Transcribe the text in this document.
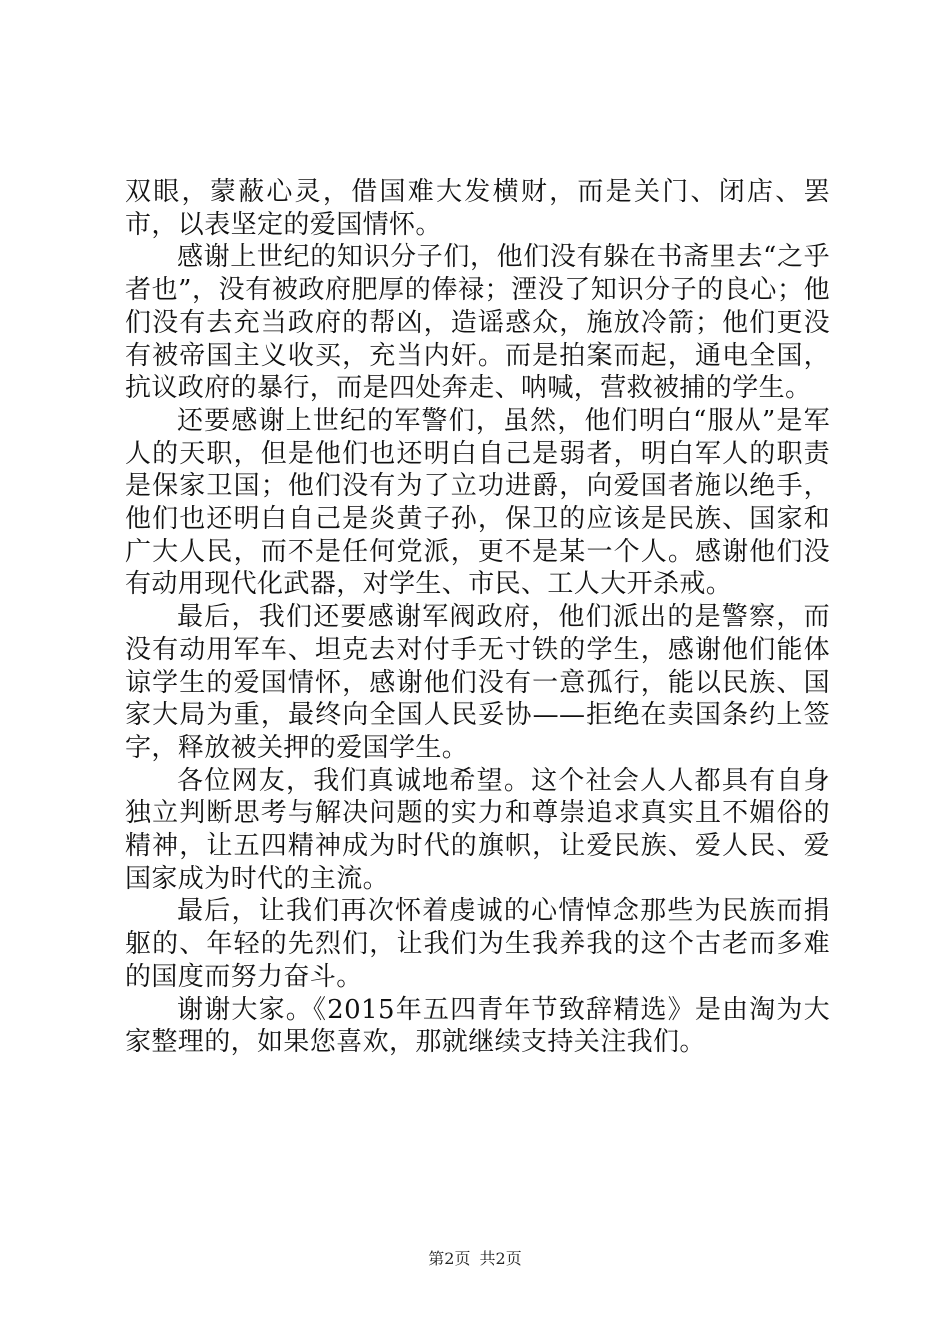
双眼，蒙蔽心灵，借国难大发横财，而是关门、闭店、罢市，以表坚定的爱国情怀。

感谢上世纪的知识分子们，他们没有躲在书斋里去“之乎者也”，没有被政府肥厚的俸禄；湮没了知识分子的良心；他们没有去充当政府的帮凶，造谣惑众，施放冷箭；他们更没有被帝国主义收买，充当内奸。而是拍案而起，通电全国，抗议政府的暴行，而是四处奔走、呐喊，营救被捕的学生。

还要感谢上世纪的军警们，虽然，他们明白“服从”是军人的天职，但是他们也还明白自己是弱者，明白军人的职责是保家卫国；他们没有为了立功进爵，向爱国者施以绝手，他们也还明白自己是炎黄子孙，保卫的应该是民族、国家和广大人民，而不是任何党派，更不是某一个人。感谢他们没有动用现代化武器，对学生、市民、工人大开杀戒。

最后，我们还要感谢军阀政府，他们派出的是警察，而没有动用军车、坦克去对付手无寸铁的学生，感谢他们能体谅学生的爱国情怀，感谢他们没有一意孤行，能以民族、国家大局为重，最终向全国人民妥协——拒绝在卖国条约上签字，释放被关押的爱国学生。

各位网友，我们真诚地希望。这个社会人人都具有自身独立判断思考与解决问题的实力和尊崇追求真实且不媚俗的精神，让五四精神成为时代的旗帜，让爱民族、爱人民、爱国家成为时代的主流。

最后，让我们再次怀着虔诚的心情悼念那些为民族而捐躯的、年轻的先烈们，让我们为生我养我的这个古老而多难的国度而努力奋斗。

谢谢大家。《2015年五四青年节致辞精选》是由淘为大家整理的，如果您喜欢，那就继续支持关注我们。

第2页 共2页
